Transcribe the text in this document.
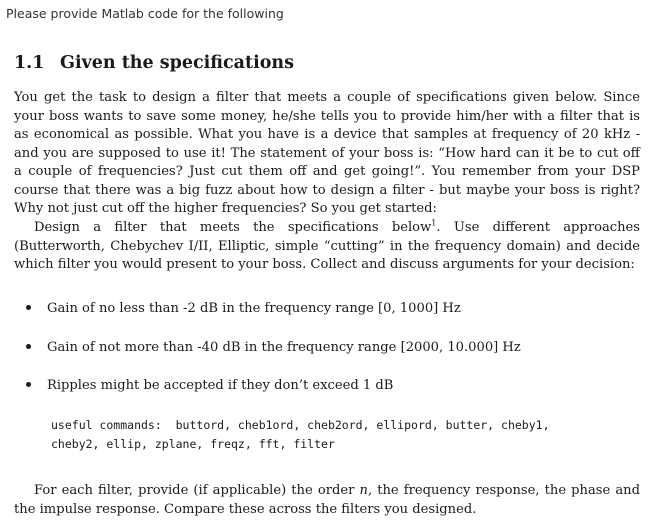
Please provide Matlab code for the following
1.1 Given the specifications

You get the task to design a filter that meets a couple of specifications given below. Since your boss wants to save some money, he/she tells you to provide him/her with a filter that is as economical as possible. What you have is a device that samples at frequency of 20 kHz - and you are supposed to use it! The statement of your boss is: “How hard can it be to cut off a couple of frequencies? Just cut them off and get going!”. You remember from your DSP course that there was a big fuzz about how to design a filter - but maybe your boss is right? Why not just cut off the higher frequencies? So you get started:

Design a filter that meets the specifications below$^1$. Use different approaches (Butterworth, Chebychev I/II, Elliptic, simple “cutting” in the frequency domain) and decide which filter you would present to your boss. Collect and discuss arguments for your decision:

Gain of no less than -2 dB in the frequency range [0, 1000] Hz
Gain of not more than -40 dB in the frequency range [2000, 10.000] Hz
Ripples might be accepted if they don’t exceed 1 dB
useful commands:  buttord, cheb1ord, cheb2ord, ellipord, butter, cheby1,
cheby2, ellip, zplane, freqz, fft, filter

For each filter, provide (if applicable) the order n, the frequency response, the phase and the impulse response. Compare these across the filters you designed.
